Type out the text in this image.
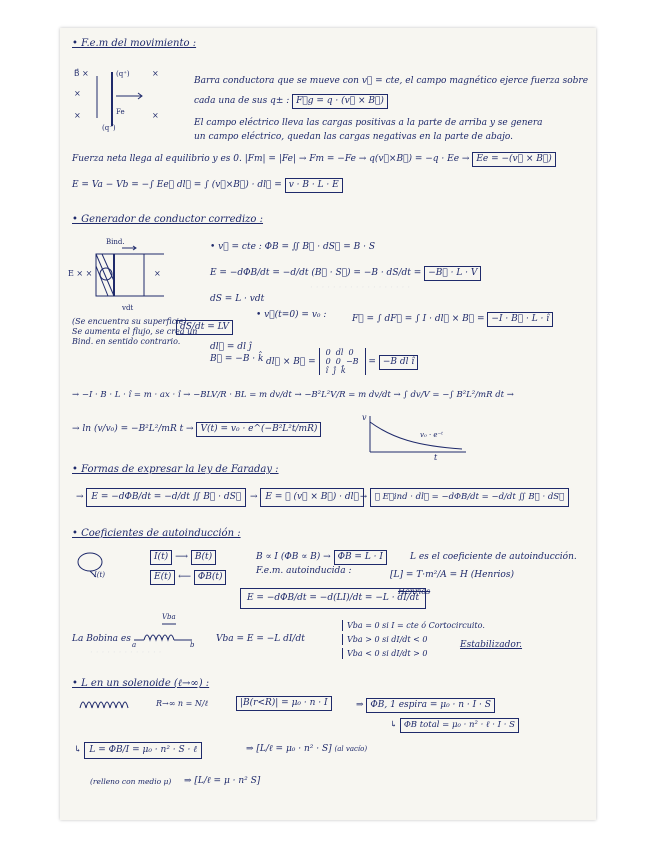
· · · · · · · · · · · · · · · · · ·
· · · · · · · · · · · · ·
• F.e.m del movimiento :
B⃗ ×
×
×
×
×
(q⁺)
Fe
(q⁻)
Barra conductora que se mueve con v⃗ = cte, el campo magnético ejerce fuerza sobre
cada una de sus q± : F⃗g = q · (v⃗ × B⃗)
El campo eléctrico lleva las cargas positivas a la parte de arriba y se genera
un campo eléctrico, quedan las cargas negativas en la parte de abajo.
Fuerza neta llega al equilibrio y es 0. |Fm| = |Fe| → Fm = −Fe → q(v⃗×B⃗) = −q · Ee → Ee = −(v⃗ × B⃗)
E = Va − Vb = −∫ Ee⃗ dl⃗ = ∫ (v⃗×B⃗) · dl⃗ = v · B · L · E
• Generador de conductor corredizo :
Bind.
E × ×	×
vdt
• v⃗ = cte : ΦB = ∬ B⃗ · dS⃗ = B · S
E = −dΦB/dt = −d/dt (B⃗ · S⃗) = −B · dS/dt = −B⃗ · L · V
dS = L · vdt
(Se encuentra su superficie).
Se aumenta el flujo, se crea un
Bind. en sentido contrario.
dS/dt = LV
• v⃗(t=0) = v₀ :	F⃗ = ∫ dF⃗ = ∫ I · dl⃗ × B⃗ = −I · B⃗ · L · î
dl⃗ = dl ĵ
B⃗ = −B · k̂ dl⃗ × B⃗ = 0  dl  0
0  0  −B
î  ĵ  k̂ = −B dl î
→ −I · B · L · î = m · ax · î → −BLV/R · BL = m dv/dt → −B²L²V/R = m dv/dt → ∫ dv/V = −∫ B²L²/mR dt →
→ ln (v/v₀) = −B²L²/mR t → V(t) = v₀ · e^(−B²L²t/mR)
v
t
v₀ · e⁻ᵗ
• Formas de expresar la ley de Faraday :
→ E = −dΦB/dt = −d/dt ∬ B⃗ · dS⃗ → E = ∮ (v⃗ × B⃗) · dl⃗ → ∮ E⃗ind · dl⃗ = −dΦB/dt = −d/dt ∬ B⃗ · dS⃗
• Coeficientes de autoinducción :
I(t)
I(t) ⟶ B(t)
E(t) ⟵ ΦB(t)
B ∝ I (ΦB ∝ B) → ΦB = L · I	L es el coeficiente de autoinducción.
F.e.m. autoinducida :	[L] = T·m²/A = H (Henrios)
Henrios
E = −dΦB/dt = −d(LI)/dt = −L · dI/dt
La Bobina es
Vba
a	b
Vba = E = −L dI/dt
Vba = 0 si I = cte ó Cortocircuito.
Vba > 0 si dI/dt < 0
Vba < 0 si dI/dt > 0
Estabilizador.
• L en un solenoide (ℓ→∞) :
R→∞ n = N/ℓ	|B(r<R)| = μ₀ · n · I	⇒ ΦB, 1 espira = μ₀ · n · I · S
↳ ΦB total = μ₀ · n² · ℓ · I · S
↳ L = ΦB/I = μ₀ · n² · S · ℓ	⇒ [L/ℓ = μ₀ · n² · S] (al vacío)
(relleno con medio μ) ⇒ [L/ℓ = μ · n² S]
